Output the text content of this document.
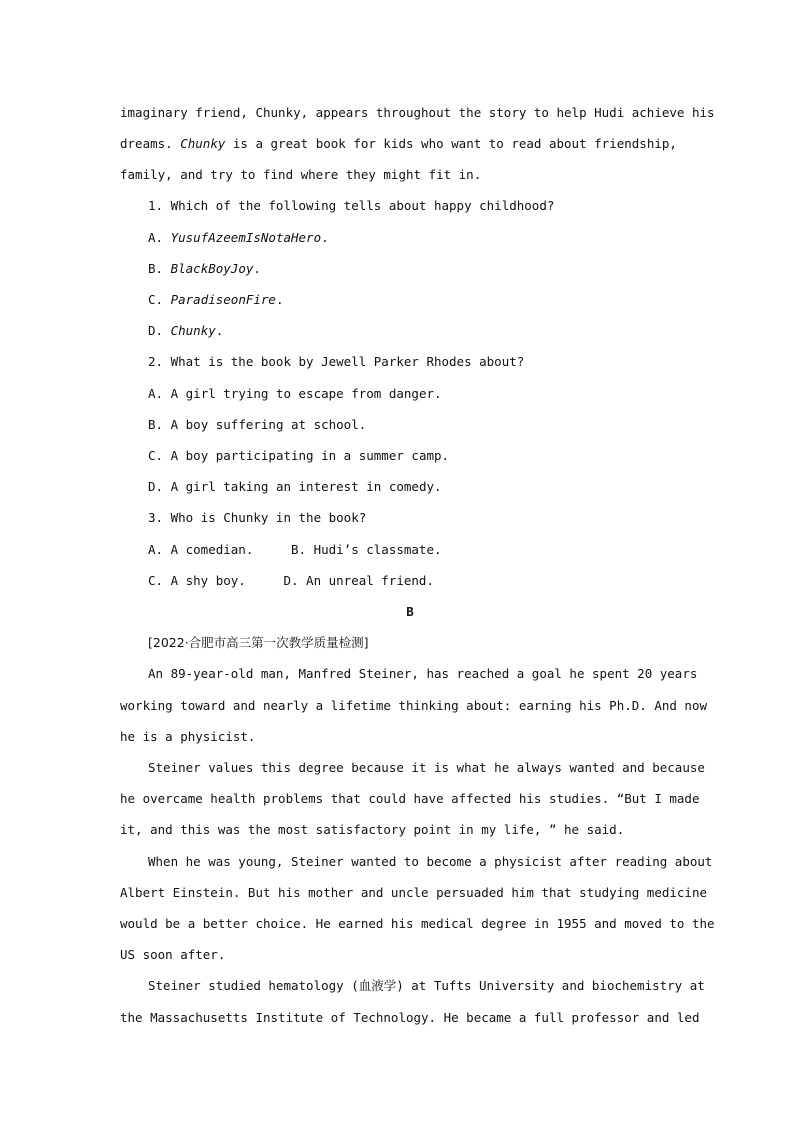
imaginary friend, Chunky, appears throughout the story to help Hudi achieve his
dreams. Chunky is a great book for kids who want to read about friendship,
family, and try to find where they might fit in.
1. Which of the following tells about happy childhood?
A. YusufAzeemIsNotaHero.
B. BlackBoyJoy.
C. ParadiseonFire.
D. Chunky.
2. What is the book by Jewell Parker Rhodes about?
A. A girl trying to escape from danger.
B. A boy suffering at school.
C. A boy participating in a summer camp.
D. A girl taking an interest in comedy.
3. Who is Chunky in the book?
A. A comedian.     B. Hudi’s classmate.
C. A shy boy.     D. An unreal friend.
B
[2022·合肥市高三第一次教学质量检测]
An 89-year-old man, Manfred Steiner, has reached a goal he spent 20 years
working toward and nearly a lifetime thinking about: earning his Ph.D. And now
he is a physicist.
Steiner values this degree because it is what he always wanted and because
he overcame health problems that could have affected his studies. “But I made
it, and this was the most satisfactory point in my life, ” he said.
When he was young, Steiner wanted to become a physicist after reading about
Albert Einstein. But his mother and uncle persuaded him that studying medicine
would be a better choice. He earned his medical degree in 1955 and moved to the
US soon after.
Steiner studied hematology (血液学) at Tufts University and biochemistry at
the Massachusetts Institute of Technology. He became a full professor and led
